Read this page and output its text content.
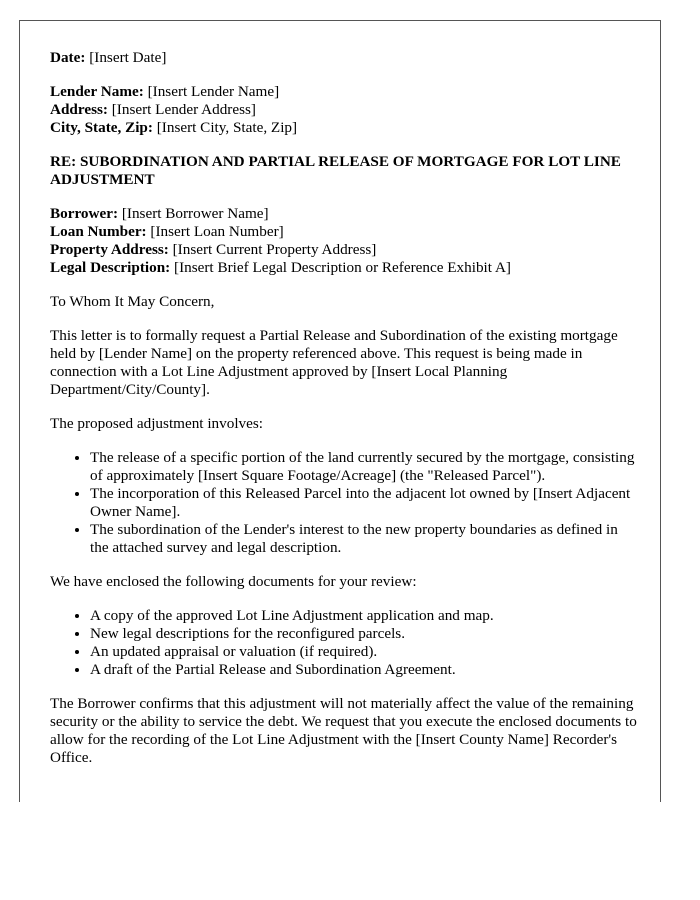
Date: [Insert Date]
Lender Name: [Insert Lender Name]
Address: [Insert Lender Address]
City, State, Zip: [Insert City, State, Zip]
RE: SUBORDINATION AND PARTIAL RELEASE OF MORTGAGE FOR LOT LINE ADJUSTMENT
Borrower: [Insert Borrower Name]
Loan Number: [Insert Loan Number]
Property Address: [Insert Current Property Address]
Legal Description: [Insert Brief Legal Description or Reference Exhibit A]

To Whom It May Concern,

This letter is to formally request a Partial Release and Subordination of the existing mortgage held by [Lender Name] on the property referenced above. This request is being made in connection with a Lot Line Adjustment approved by [Insert Local Planning Department/City/County].

The proposed adjustment involves:

• The release of a specific portion of the land currently secured by the mortgage, consisting of approximately [Insert Square Footage/Acreage] (the "Released Parcel").
• The incorporation of this Released Parcel into the adjacent lot owned by [Insert Adjacent Owner Name].
• The subordination of the Lender's interest to the new property boundaries as defined in the attached survey and legal description.

We have enclosed the following documents for your review:

• A copy of the approved Lot Line Adjustment application and map.
• New legal descriptions for the reconfigured parcels.
• An updated appraisal or valuation (if required).
• A draft of the Partial Release and Subordination Agreement.

The Borrower confirms that this adjustment will not materially affect the value of the remaining security or the ability to service the debt. We request that you execute the enclosed documents to allow for the recording of the Lot Line Adjustment with the [Insert County Name] Recorder's Office.
